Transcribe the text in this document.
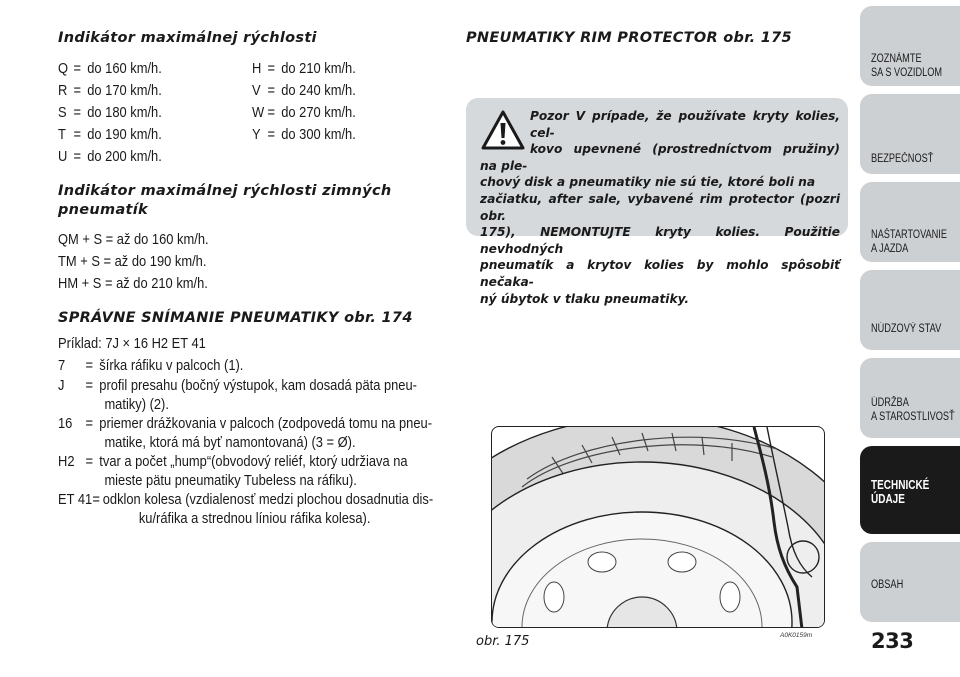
Indikátor maximálnej rýchlosti
Q = do 160 km/h.
R = do 170 km/h.
S = do 180 km/h.
T = do 190 km/h.
U = do 200 km/h.
H = do 210 km/h.
V = do 240 km/h.
W = do 270 km/h.
Y = do 300 km/h.
Indikátor maximálnej rýchlosti zimných
pneumatík
QM + S = až do 160 km/h.
TM + S = až do 190 km/h.
HM + S = až do 210 km/h.
SPRÁVNE SNÍMANIE PNEUMATIKY obr. 174
Príklad: 7J × 16 H2 ET 41
7 = šírka ráfiku v palcoch (1).
J = profil presahu (bočný výstupok, kam dosadá päta pneu-
matiky) (2).
16 = priemer drážkovania v palcoch (zodpovedá tomu na pneu-
matike, ktorá má byť namontovaná) (3 = Ø).
H2 = tvar a počet „hump“(obvodový reliéf, ktorý udržiava na
mieste pätu pneumatiky Tubeless na ráfiku).
ET 41 = odklon kolesa (vzdialenosť medzi plochou dosadnutia dis-
ku/ráfika a strednou líniou ráfika kolesa).
PNEUMATIKY RIM PROTECTOR obr. 175
Pozor V prípade, že používate kryty kolies, cel-
kovo upevnené (prostredníctvom pružiny) na ple-
chový disk a pneumatiky nie sú tie, ktoré boli na
začiatku, after sale, vybavené rim protector (pozri obr.
175), NEMONTUJTE kryty kolies. Použitie nevhodných
pneumatík a krytov kolies by mohlo spôsobiť nečaka-
ný úbytok v tlaku pneumatiky.
obr. 175	A0K0159m
ZOZNÁMTE
SA S VOZIDLOM
BEZPEČNOSŤ
NAŠTARTOVANIE
A JAZDA
NÚDZOVÝ STAV
ÚDRŽBA
A STAROSTLIVOSŤ
TECHNICKÉ
ÚDAJE
OBSAH
233
